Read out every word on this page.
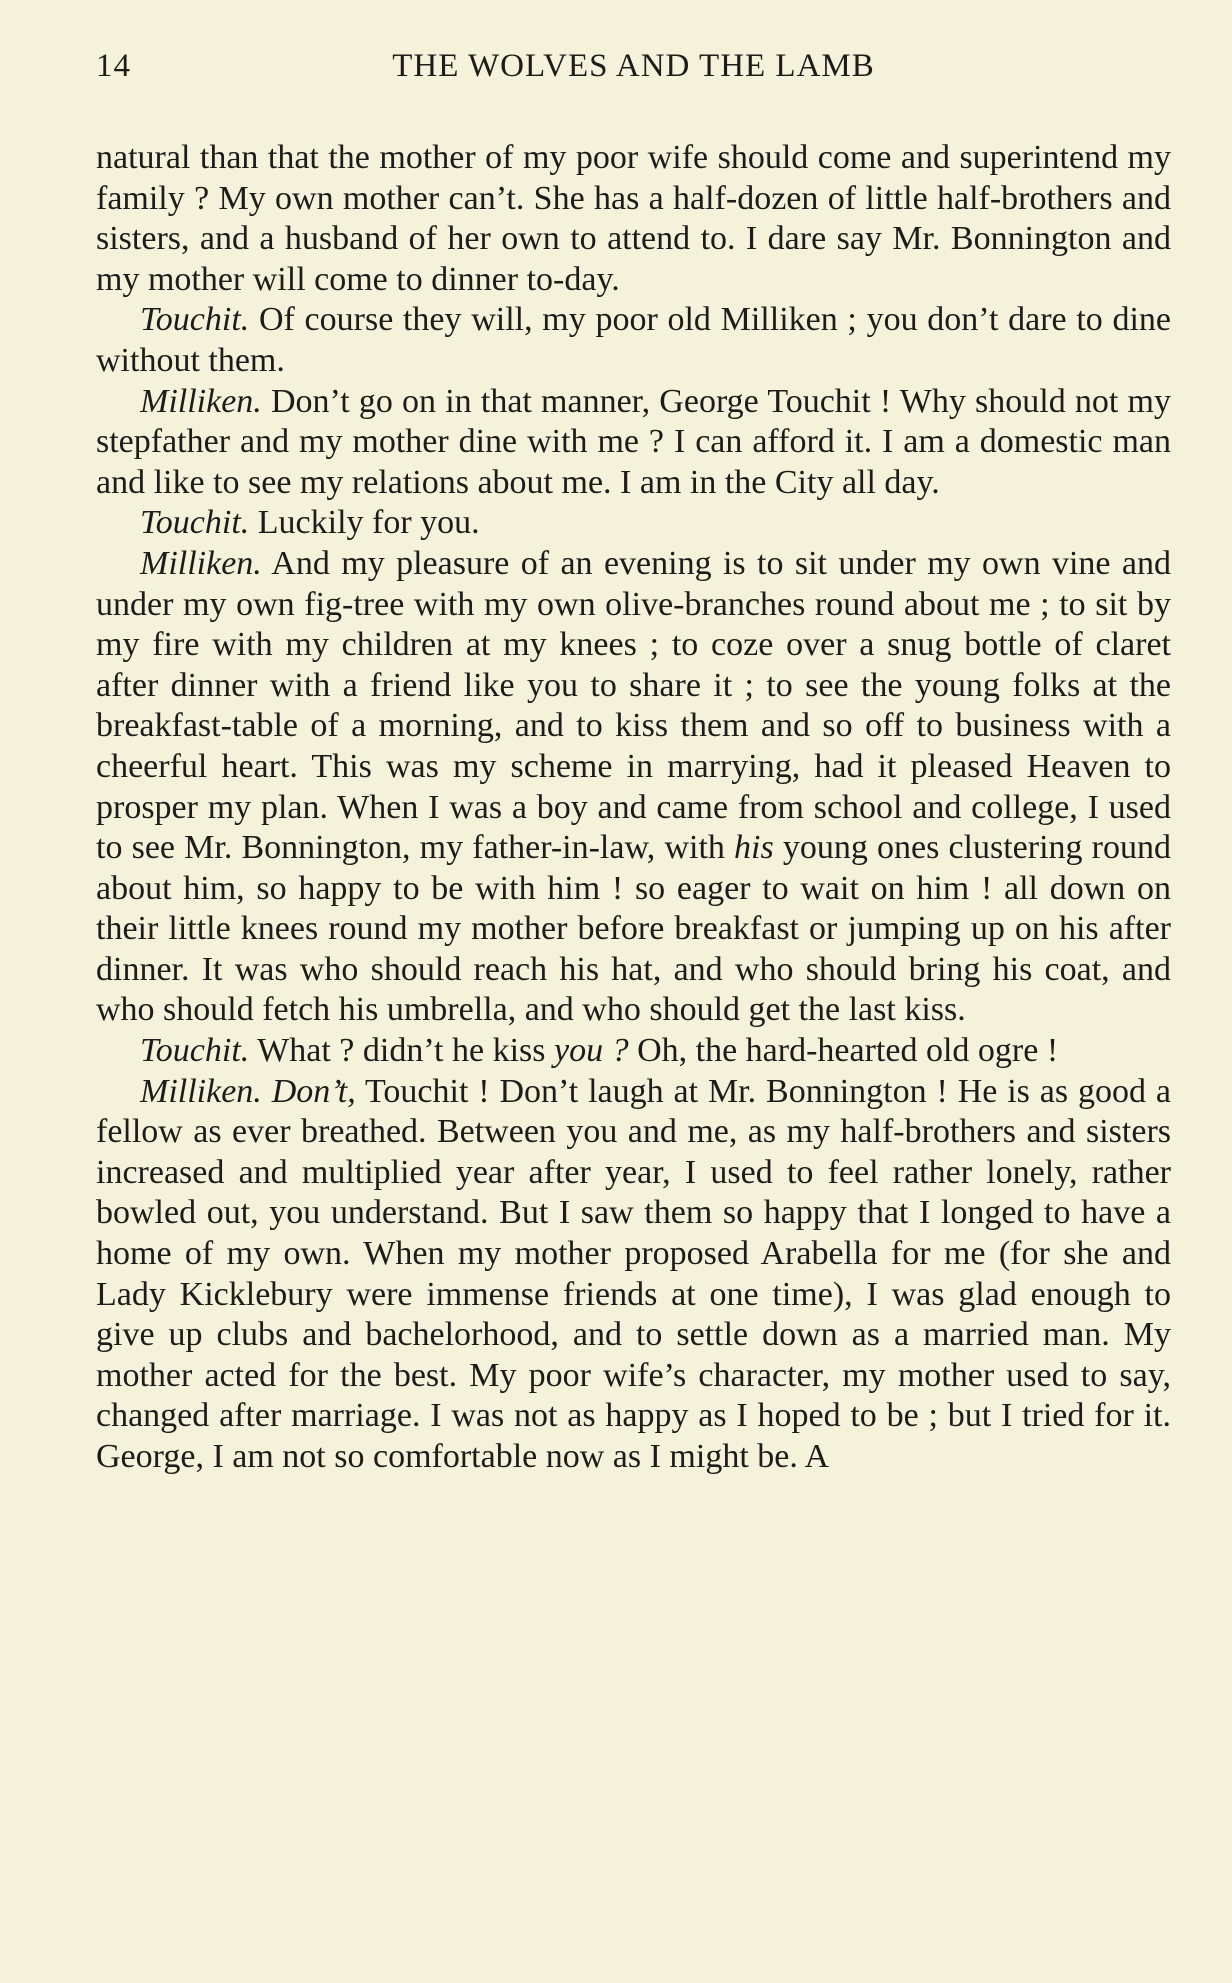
14	THE WOLVES AND THE LAMB

natural than that the mother of my poor wife should come and superintend my family ? My own mother can’t. She has a half-dozen of little half-brothers and sisters, and a husband of her own to attend to. I dare say Mr. Bonnington and my mother will come to dinner to-day.

Touchit. Of course they will, my poor old Milliken ; you don’t dare to dine without them.

Milliken. Don’t go on in that manner, George Touchit ! Why should not my stepfather and my mother dine with me ? I can afford it. I am a domestic man and like to see my relations about me. I am in the City all day.

Touchit. Luckily for you.

Milliken. And my pleasure of an evening is to sit under my own vine and under my own fig-tree with my own olive-branches round about me ; to sit by my fire with my children at my knees ; to coze over a snug bottle of claret after dinner with a friend like you to share it ; to see the young folks at the breakfast-table of a morning, and to kiss them and so off to business with a cheerful heart. This was my scheme in marrying, had it pleased Heaven to prosper my plan. When I was a boy and came from school and college, I used to see Mr. Bonnington, my father-in-law, with his young ones clustering round about him, so happy to be with him ! so eager to wait on him ! all down on their little knees round my mother before breakfast or jumping up on his after dinner. It was who should reach his hat, and who should bring his coat, and who should fetch his umbrella, and who should get the last kiss.

Touchit. What ? didn’t he kiss you ? Oh, the hard-hearted old ogre !

Milliken. Don’t, Touchit ! Don’t laugh at Mr. Bonnington ! He is as good a fellow as ever breathed. Between you and me, as my half-brothers and sisters increased and multiplied year after year, I used to feel rather lonely, rather bowled out, you understand. But I saw them so happy that I longed to have a home of my own. When my mother proposed Arabella for me (for she and Lady Kicklebury were immense friends at one time), I was glad enough to give up clubs and bachelorhood, and to settle down as a married man. My mother acted for the best. My poor wife’s character, my mother used to say, changed after marriage. I was not as happy as I hoped to be ; but I tried for it. George, I am not so comfortable now as I might be. A
